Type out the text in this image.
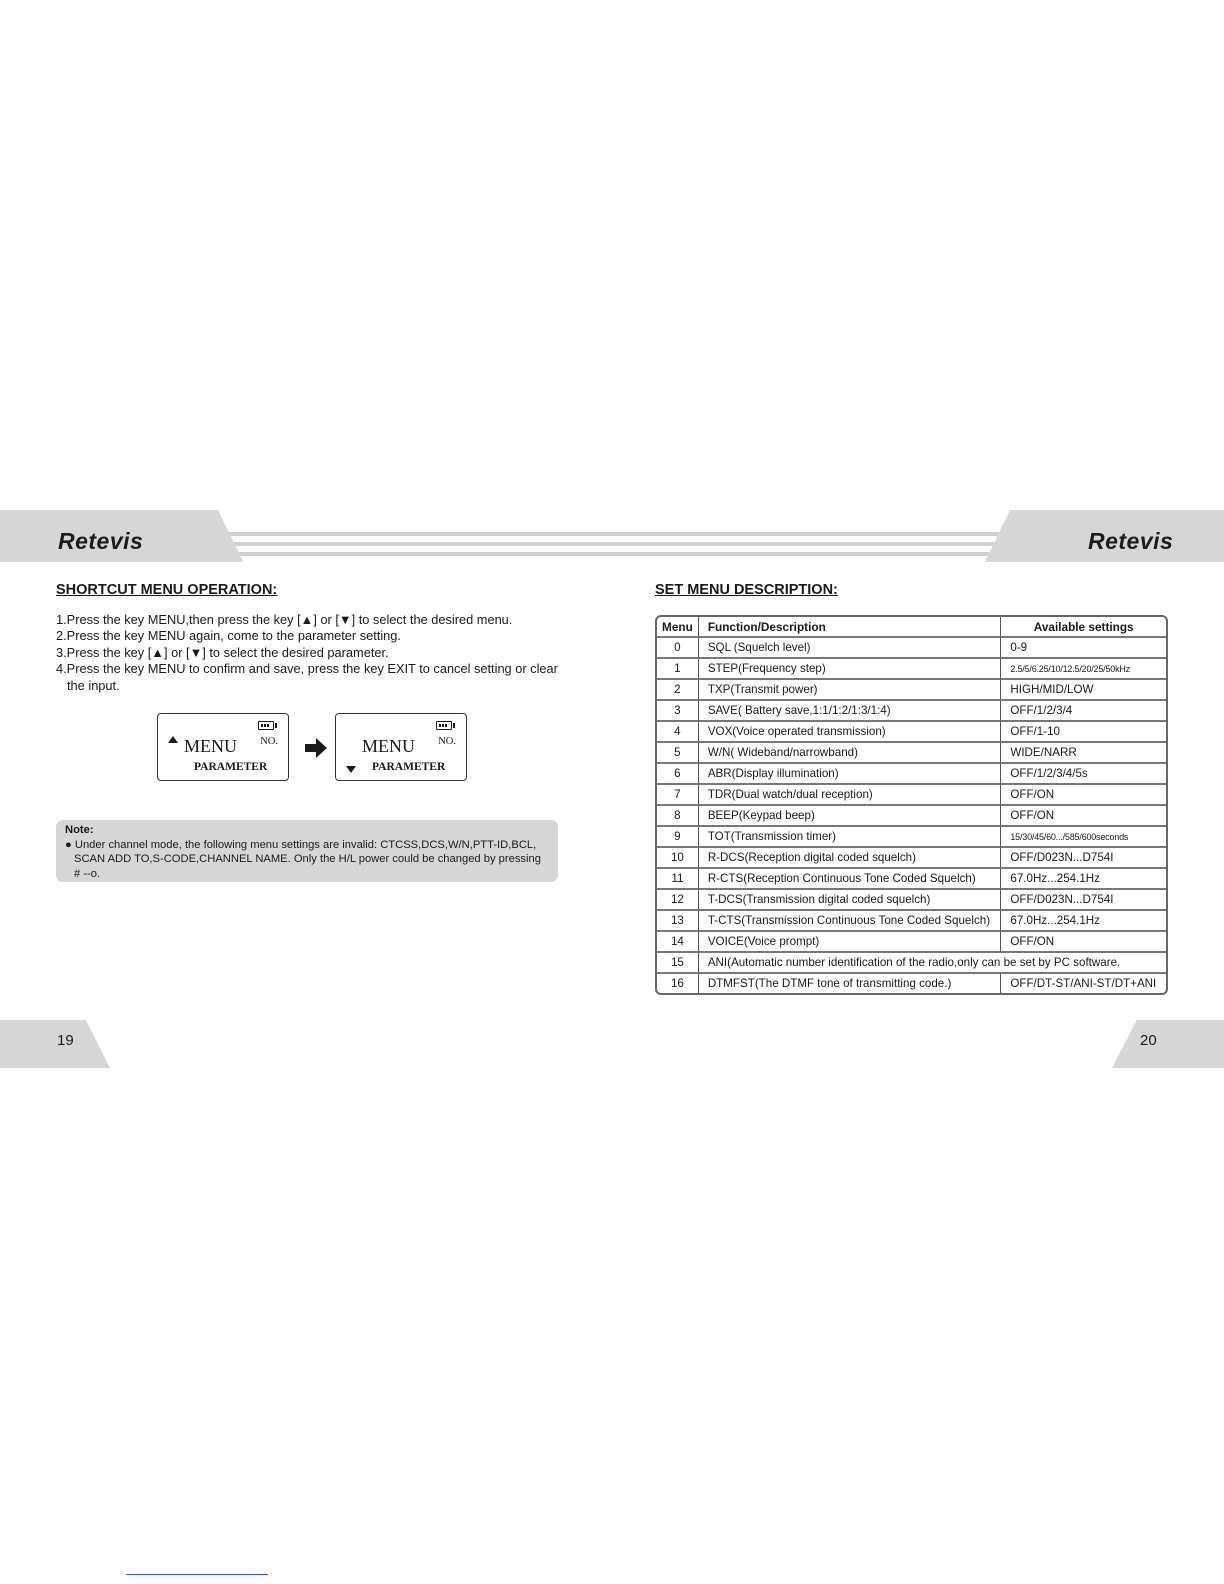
Retevis	Retevis
SHORTCUT MENU OPERATION:
1.Press the key MENU,then press the key [▲] or [▼] to select the desired menu.
2.Press the key MENU again, come to the parameter setting.
3.Press the key [▲] or [▼] to select the desired parameter.
4.Press the key MENU to confirm and save, press the key EXIT to cancel setting or clear the input.
MENU NO.
PARAMETER
MENU NO.
PARAMETER
Note:
● Under channel mode, the following menu settings are invalid: CTCSS,DCS,W/N,PTT-ID,BCL, SCAN ADD TO,S-CODE,CHANNEL NAME. Only the H/L power could be changed by pressing # --o.
SET MENU DESCRIPTION:
Menu	Function/Description	Available settings
0	SQL (Squelch level)	0-9
1	STEP(Frequency step)	2.5/5/6.25/10/12.5/20/25/50kHz
2	TXP(Transmit power)	HIGH/MID/LOW
3	SAVE( Battery save,1:1/1:2/1:3/1:4)	OFF/1/2/3/4
4	VOX(Voice operated transmission)	OFF/1-10
5	W/N( Wideband/narrowband)	WIDE/NARR
6	ABR(Display illumination)	OFF/1/2/3/4/5s
7	TDR(Dual watch/dual reception)	OFF/ON
8	BEEP(Keypad beep)	OFF/ON
9	TOT(Transmission timer)	15/30/45/60.../585/600seconds
10	R-DCS(Reception digital coded squelch)	OFF/D023N...D754I
11	R-CTS(Reception Continuous Tone Coded Squelch)	67.0Hz...254.1Hz
12	T-DCS(Transmission digital coded squelch)	OFF/D023N...D754I
13	T-CTS(Transmission Continuous Tone Coded Squelch)	67.0Hz...254.1Hz
14	VOICE(Voice prompt)	OFF/ON
15	ANI(Automatic number identification of the radio,only can be set by PC software.	
16	DTMFST(The DTMF tone of transmitting code.)	OFF/DT-ST/ANI-ST/DT+ANI
19	20
